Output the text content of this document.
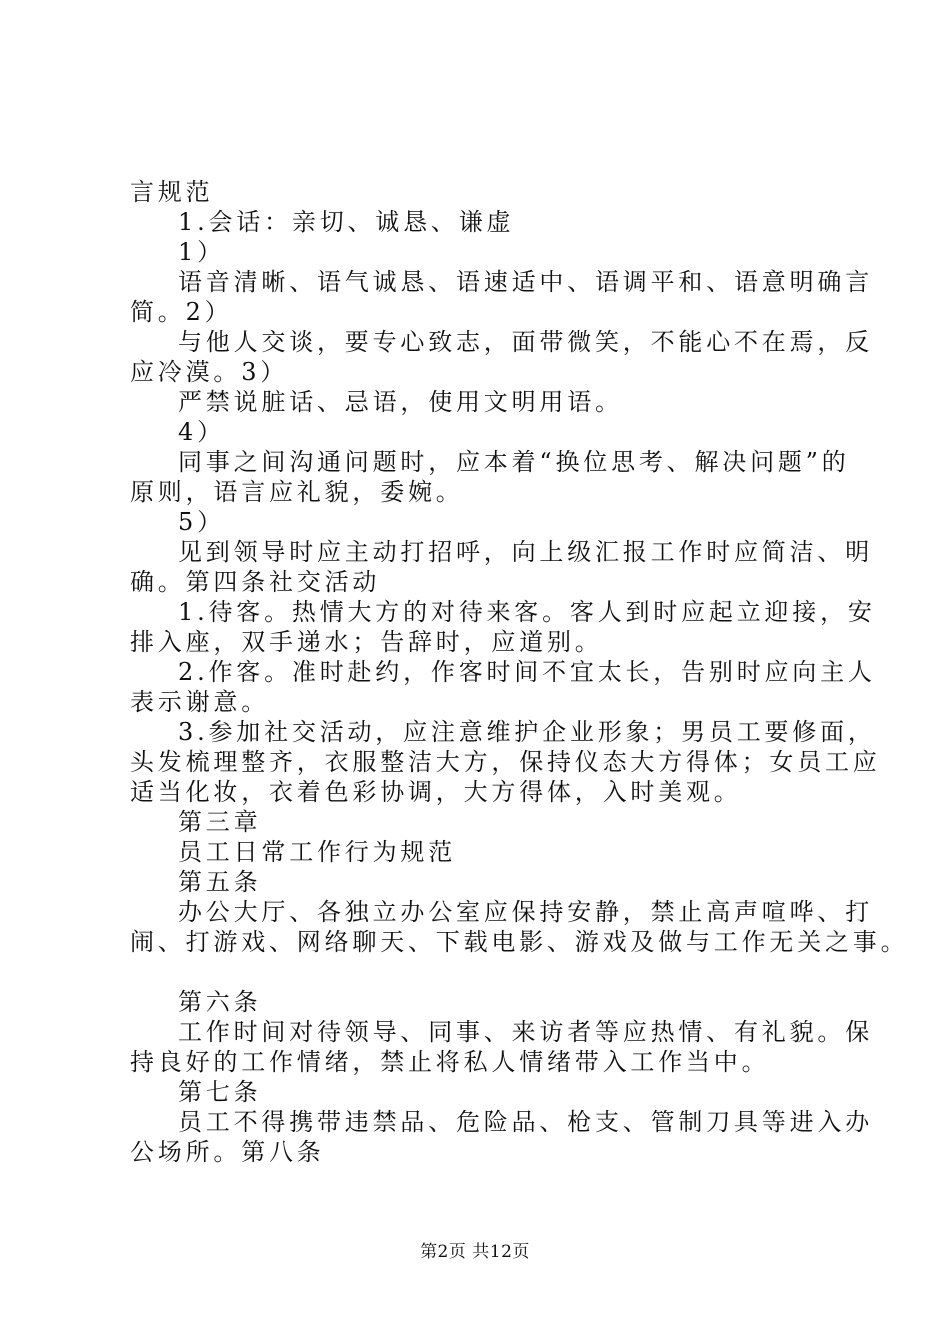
言规范
1.会话：亲切、诚恳、谦虚
1）
语音清晰、语气诚恳、语速适中、语调平和、语意明确言
简。2）
与他人交谈，要专心致志，面带微笑，不能心不在焉，反
应冷漠。3）
严禁说脏话、忌语，使用文明用语。
4）
同事之间沟通问题时，应本着“换位思考、解决问题”的
原则，语言应礼貌，委婉。
5）
见到领导时应主动打招呼，向上级汇报工作时应简洁、明
确。第四条社交活动
1.待客。热情大方的对待来客。客人到时应起立迎接，安
排入座，双手递水；告辞时，应道别。
2.作客。准时赴约，作客时间不宜太长，告别时应向主人
表示谢意。
3.参加社交活动，应注意维护企业形象；男员工要修面，
头发梳理整齐，衣服整洁大方，保持仪态大方得体；女员工应
适当化妆，衣着色彩协调，大方得体，入时美观。
第三章
员工日常工作行为规范
第五条
办公大厅、各独立办公室应保持安静，禁止高声喧哗、打
闹、打游戏、网络聊天、下载电影、游戏及做与工作无关之事。
第六条
工作时间对待领导、同事、来访者等应热情、有礼貌。保
持良好的工作情绪，禁止将私人情绪带入工作当中。
第七条
员工不得携带违禁品、危险品、枪支、管制刀具等进入办
公场所。第八条
第2页 共12页
